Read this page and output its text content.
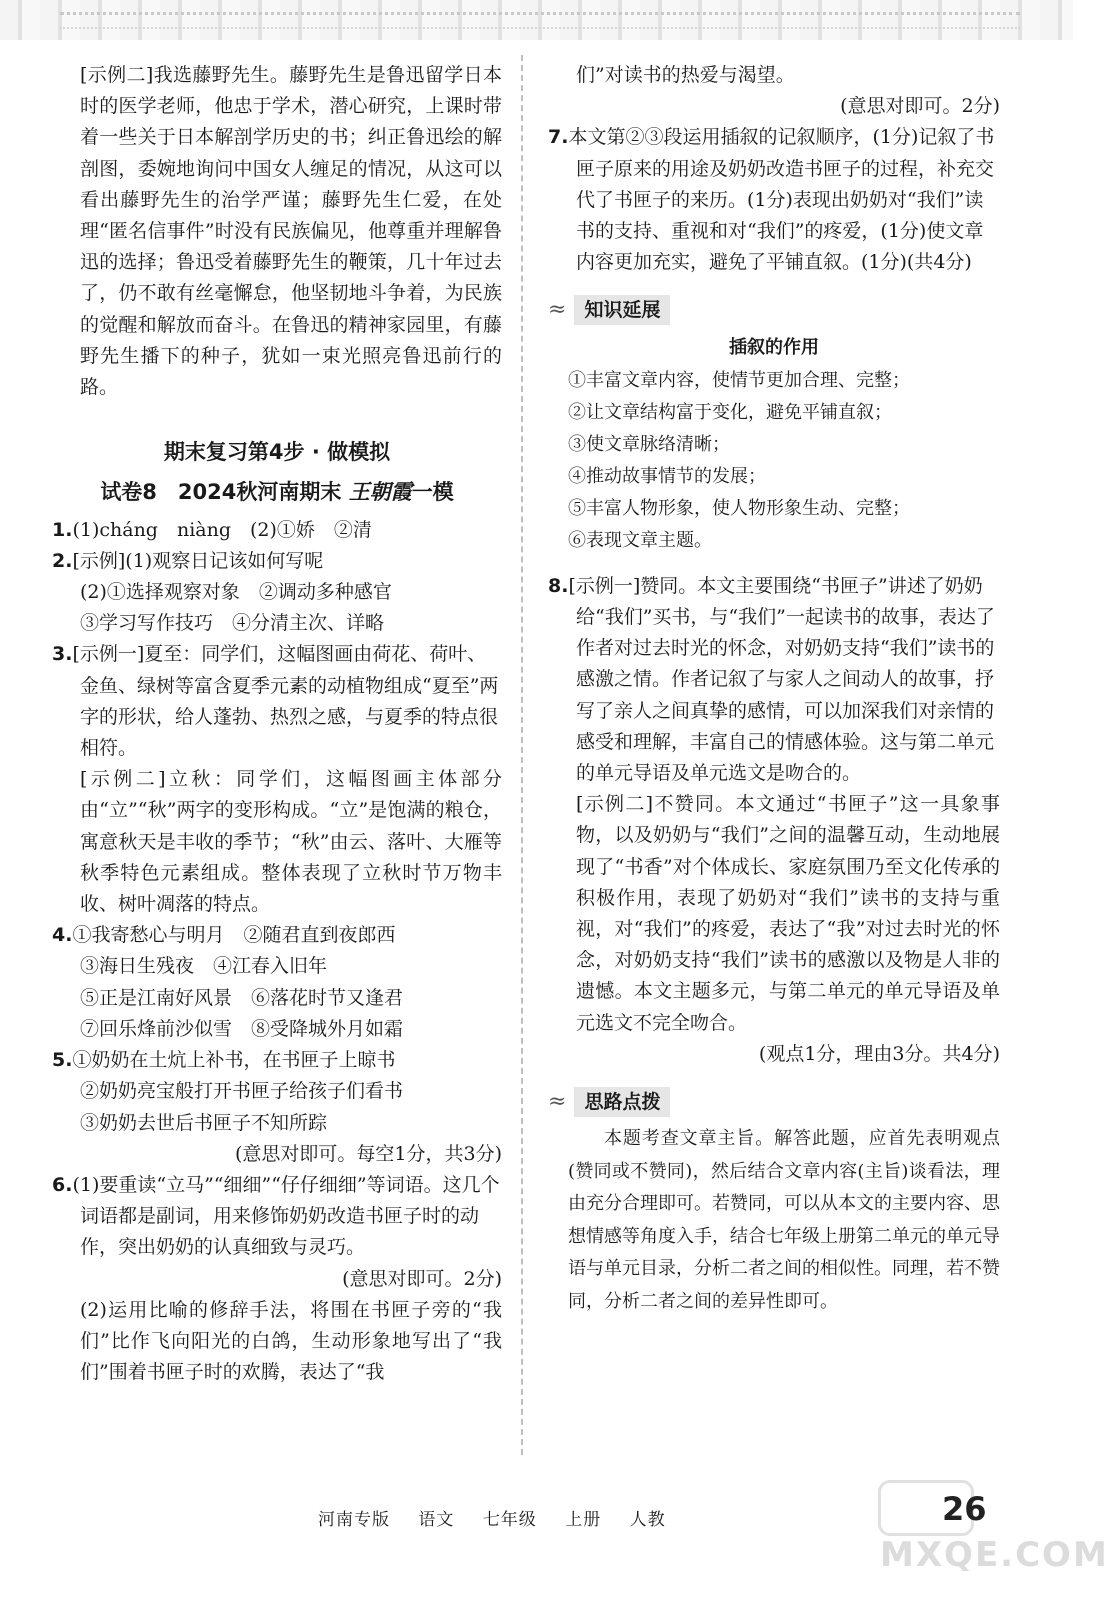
[示例二]我选藤野先生。藤野先生是鲁迅留学日本时的医学老师，他忠于学术，潜心研究，上课时带着一些关于日本解剖学历史的书；纠正鲁迅绘的解剖图，委婉地询问中国女人缠足的情况，从这可以看出藤野先生的治学严谨；藤野先生仁爱，在处理“匿名信事件”时没有民族偏见，他尊重并理解鲁迅的选择；鲁迅受着藤野先生的鞭策，几十年过去了，仍不敢有丝毫懈怠，他坚韧地斗争着，为民族的觉醒和解放而奋斗。在鲁迅的精神家园里，有藤野先生播下的种子，犹如一束光照亮鲁迅前行的路。

期末复习第4步 · 做模拟
试卷8　2024秋河南期末 王朝霞一模

1.(1)cháng　niàng　(2)①娇　②清

2.[示例](1)观察日记该如何写呢

(2)①选择观察对象　②调动多种感官

③学习写作技巧　④分清主次、详略

3.[示例一]夏至：同学们，这幅图画由荷花、荷叶、金鱼、绿树等富含夏季元素的动植物组成“夏至”两字的形状，给人蓬勃、热烈之感，与夏季的特点很相符。

[示例二]立秋：同学们，这幅图画主体部分由“立”“秋”两字的变形构成。“立”是饱满的粮仓，寓意秋天是丰收的季节；“秋”由云、落叶、大雁等秋季特色元素组成。整体表现了立秋时节万物丰收、树叶凋落的特点。

4.①我寄愁心与明月　②随君直到夜郎西

③海日生残夜　④江春入旧年

⑤正是江南好风景　⑥落花时节又逢君

⑦回乐烽前沙似雪　⑧受降城外月如霜

5.①奶奶在土炕上补书，在书匣子上晾书

②奶奶亮宝般打开书匣子给孩子们看书

③奶奶去世后书匣子不知所踪

(意思对即可。每空1分，共3分)

6.(1)要重读“立马”“细细”“仔仔细细”等词语。这几个词语都是副词，用来修饰奶奶改造书匣子时的动作，突出奶奶的认真细致与灵巧。

(意思对即可。2分)

(2)运用比喻的修辞手法，将围在书匣子旁的“我们”比作飞向阳光的白鸽，生动形象地写出了“我们”围着书匣子时的欢腾，表达了“我

们”对读书的热爱与渴望。

(意思对即可。2分)

7.本文第②③段运用插叙的记叙顺序，(1分)记叙了书匣子原来的用途及奶奶改造书匣子的过程，补充交代了书匣子的来历。(1分)表现出奶奶对“我们”读书的支持、重视和对“我们”的疼爱，(1分)使文章内容更加充实，避免了平铺直叙。(1分)(共4分)

≈	知识延展
插叙的作用
①丰富文章内容，使情节更加合理、完整；
②让文章结构富于变化，避免平铺直叙；
③使文章脉络清晰；
④推动故事情节的发展；
⑤丰富人物形象，使人物形象生动、完整；
⑥表现文章主题。

8.[示例一]赞同。本文主要围绕“书匣子”讲述了奶奶给“我们”买书，与“我们”一起读书的故事，表达了作者对过去时光的怀念，对奶奶支持“我们”读书的感激之情。作者记叙了与家人之间动人的故事，抒写了亲人之间真挚的感情，可以加深我们对亲情的感受和理解，丰富自己的情感体验。这与第二单元的单元导语及单元选文是吻合的。

[示例二]不赞同。本文通过“书匣子”这一具象事物，以及奶奶与“我们”之间的温馨互动，生动地展现了“书香”对个体成长、家庭氛围乃至文化传承的积极作用，表现了奶奶对“我们”读书的支持与重视，对“我们”的疼爱，表达了“我”对过去时光的怀念，对奶奶支持“我们”读书的感激以及物是人非的遗憾。本文主题多元，与第二单元的单元导语及单元选文不完全吻合。

(观点1分，理由3分。共4分)

≈	思路点拨

本题考查文章主旨。解答此题，应首先表明观点(赞同或不赞同)，然后结合文章内容(主旨)谈看法，理由充分合理即可。若赞同，可以从本文的主要内容、思想情感等角度入手，结合七年级上册第二单元的单元导语与单元目录，分析二者之间的相似性。同理，若不赞同，分析二者之间的差异性即可。

河南专版 语文 七年级 上册 人教	26
MXQE.COM
